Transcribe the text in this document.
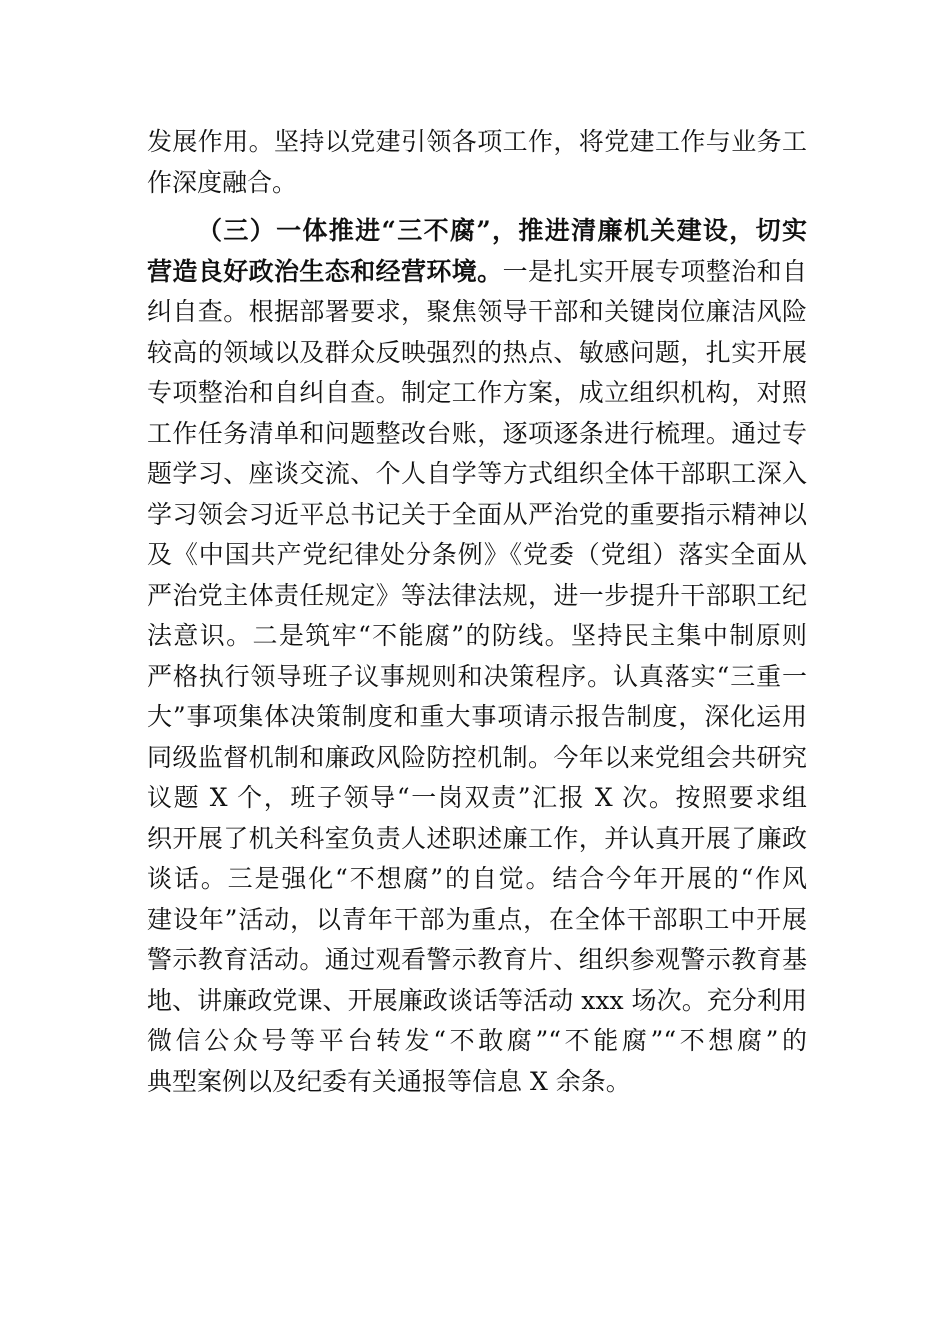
发展作用。坚持以党建引领各项工作，将党建工作与业务工
作深度融合。
（三）一体推进“三不腐”，推进清廉机关建设，切实
营造良好政治生态和经营环境。一是扎实开展专项整治和自
纠自查。根据部署要求，聚焦领导干部和关键岗位廉洁风险
较高的领域以及群众反映强烈的热点、敏感问题，扎实开展
专项整治和自纠自查。制定工作方案，成立组织机构，对照
工作任务清单和问题整改台账，逐项逐条进行梳理。通过专
题学习、座谈交流、个人自学等方式组织全体干部职工深入
学习领会习近平总书记关于全面从严治党的重要指示精神以
及《中国共产党纪律处分条例》《党委（党组）落实全面从
严治党主体责任规定》等法律法规，进一步提升干部职工纪
法意识。二是筑牢“不能腐”的防线。坚持民主集中制原则
严格执行领导班子议事规则和决策程序。认真落实“三重一
大”事项集体决策制度和重大事项请示报告制度，深化运用
同级监督机制和廉政风险防控机制。今年以来党组会共研究
议题 X 个，班子领导“一岗双责”汇报 X 次。按照要求组
织开展了机关科室负责人述职述廉工作，并认真开展了廉政
谈话。三是强化“不想腐”的自觉。结合今年开展的“作风
建设年”活动，以青年干部为重点，在全体干部职工中开展
警示教育活动。通过观看警示教育片、组织参观警示教育基
地、讲廉政党课、开展廉政谈话等活动 xxx 场次。充分利用
微信公众号等平台转发“不敢腐”“不能腐”“不想腐”的
典型案例以及纪委有关通报等信息 X 余条。
